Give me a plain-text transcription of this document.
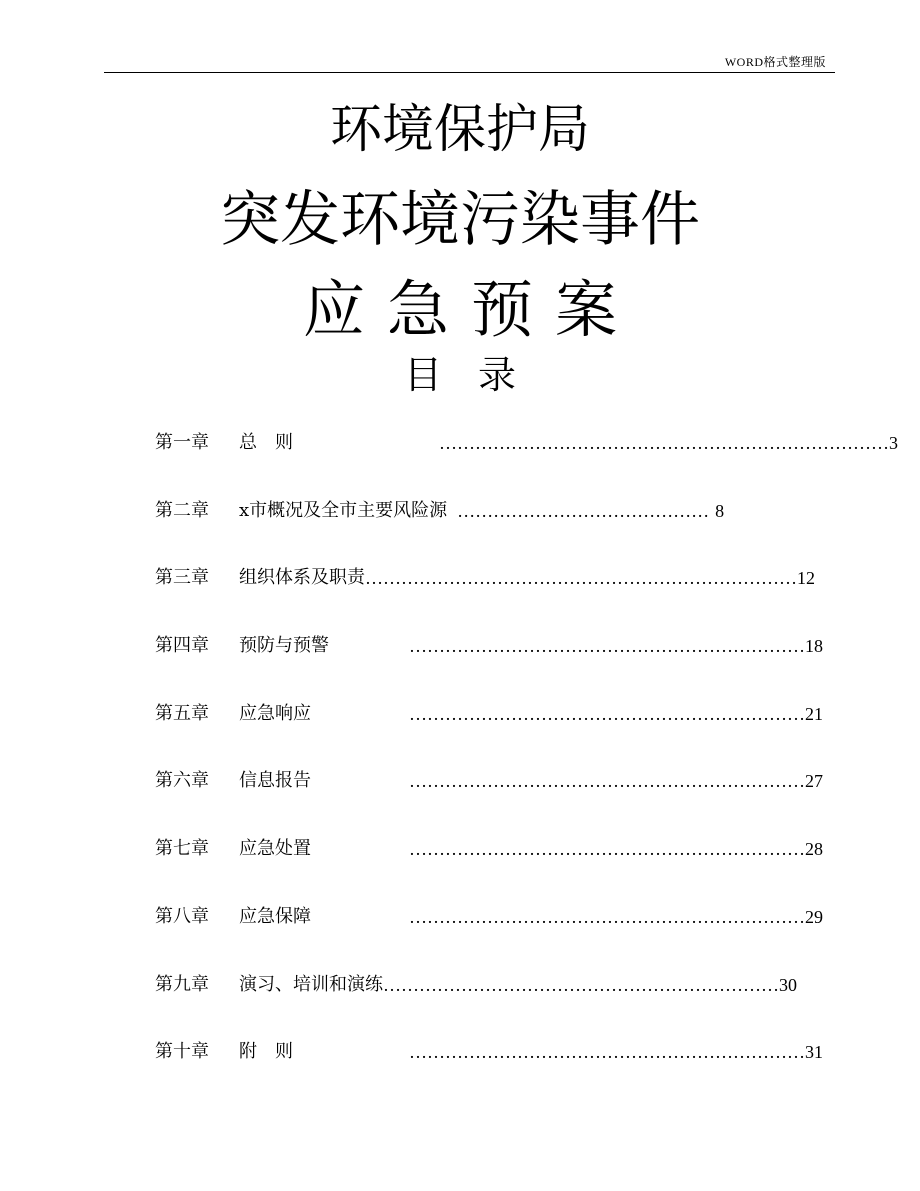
WORD格式整理版
环境保护局
突发环境污染事件
应急预案
目录
第一章	总　则	………………………………………………………………… 3
第二章	x市概况及全市主要风险源 …………………………………… 8
第三章	组织体系及职责 ……………………………………………………………… 12
第四章	预防与预警	………………………………………………………… 18
第五章	应急响应	………………………………………………………… 21
第六章	信息报告	………………………………………………………… 27
第七章	应急处置	………………………………………………………… 28
第八章	应急保障	………………………………………………………… 29
第九章	演习、培训和演练 ………………………………………………………… 30
第十章	附　则	………………………………………………………… 31
